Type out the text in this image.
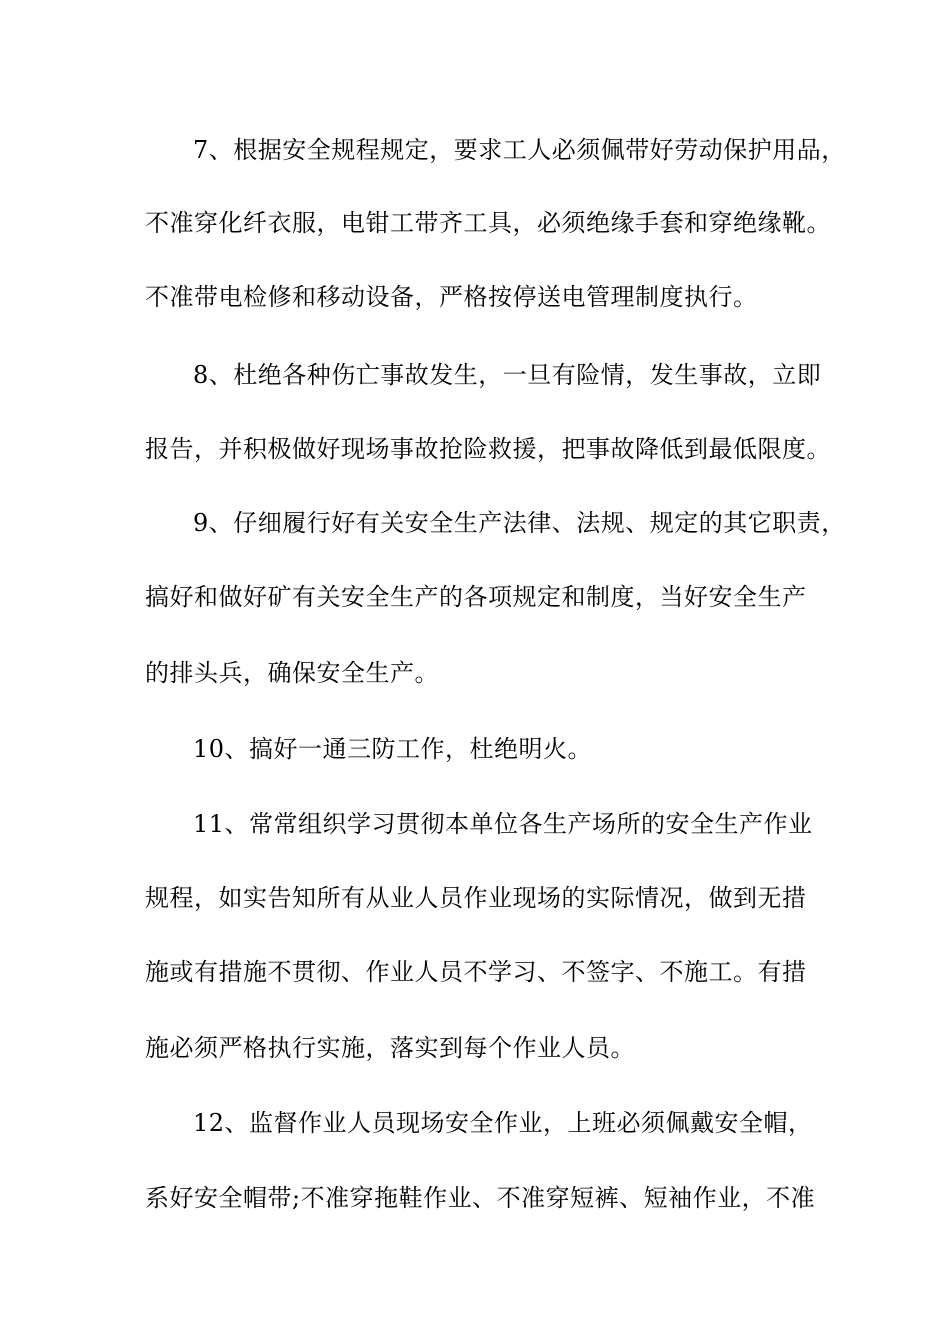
7、根据安全规程规定，要求工人必须佩带好劳动保护用品，
不准穿化纤衣服，电钳工带齐工具，必须绝缘手套和穿绝缘靴。
不准带电检修和移动设备，严格按停送电管理制度执行。
8、杜绝各种伤亡事故发生，一旦有险情，发生事故，立即
报告，并积极做好现场事故抢险救援，把事故降低到最低限度。
9、仔细履行好有关安全生产法律、法规、规定的其它职责，
搞好和做好矿有关安全生产的各项规定和制度，当好安全生产
的排头兵，确保安全生产。
10、搞好一通三防工作，杜绝明火。
11、常常组织学习贯彻本单位各生产场所的安全生产作业
规程，如实告知所有从业人员作业现场的实际情况，做到无措
施或有措施不贯彻、作业人员不学习、不签字、不施工。有措
施必须严格执行实施，落实到每个作业人员。
12、监督作业人员现场安全作业，上班必须佩戴安全帽，
系好安全帽带;不准穿拖鞋作业、不准穿短裤、短袖作业，不准
